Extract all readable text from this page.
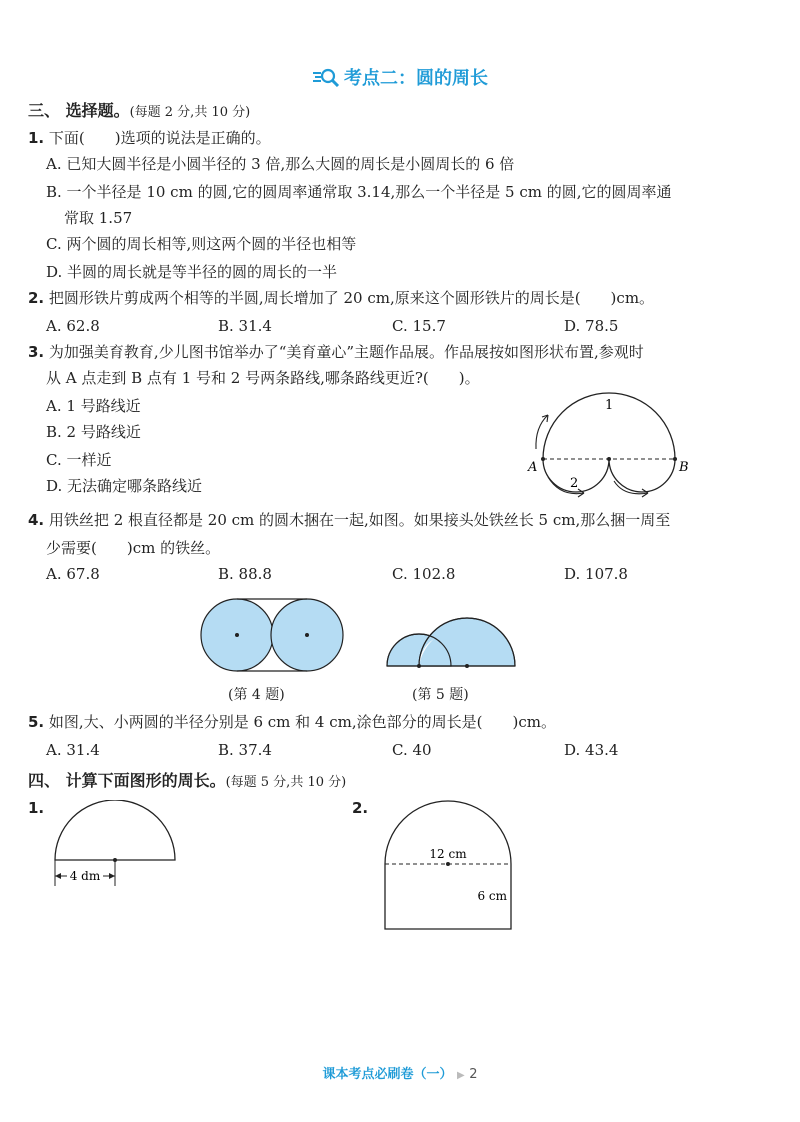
考点二：圆的周长
三、 选择题。(每题 2 分,共 10 分)
1. 下面(　　)选项的说法是正确的。
A. 已知大圆半径是小圆半径的 3 倍,那么大圆的周长是小圆周长的 6 倍
B. 一个半径是 10 cm 的圆,它的圆周率通常取 3.14,那么一个半径是 5 cm 的圆,它的圆周率通
常取 1.57
C. 两个圆的周长相等,则这两个圆的半径也相等
D. 半圆的周长就是等半径的圆的周长的一半
2. 把圆形铁片剪成两个相等的半圆,周长增加了 20 cm,原来这个圆形铁片的周长是(　　)cm。
A. 62.8	B. 31.4	C. 15.7	D. 78.5
3. 为加强美育教育,少儿图书馆举办了“美育童心”主题作品展。作品展按如图形状布置,参观时
从 A 点走到 B 点有 1 号和 2 号两条路线,哪条路线更近?(　　)。
A. 1 号路线近
B. 2 号路线近
C. 一样近
D. 无法确定哪条路线近
A	B
1
2
4. 用铁丝把 2 根直径都是 20 cm 的圆木捆在一起,如图。如果接头处铁丝长 5 cm,那么捆一周至
少需要(　　)cm 的铁丝。
A. 67.8	B. 88.8	C. 102.8	D. 107.8
(第 4 题)	(第 5 题)
5. 如图,大、小两圆的半径分别是 6 cm 和 4 cm,涂色部分的周长是(　　)cm。
A. 31.4	B. 37.4	C. 40	D. 43.4
四、 计算下面图形的周长。(每题 5 分,共 10 分)
1.
4 dm
2.
12 cm
6 cm
课本考点必刷卷（一） ▶ 2
